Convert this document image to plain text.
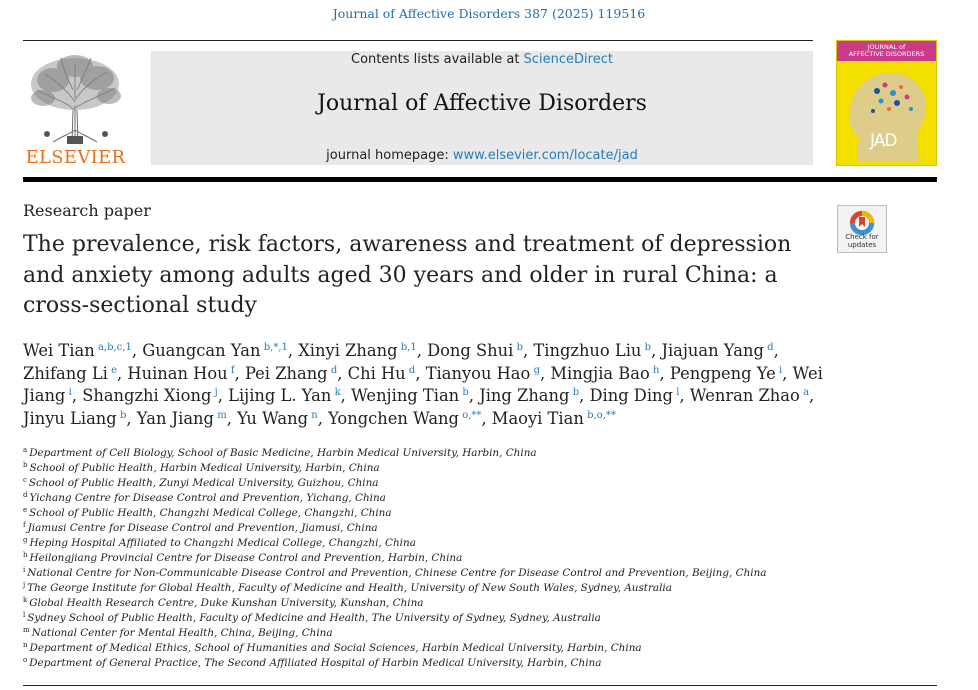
Journal of Affective Disorders 387 (2025) 119516
ELSEVIER
Contents lists available at ScienceDirect
Journal of Affective Disorders
journal homepage: www.elsevier.com/locate/jad
JOURNAL of
AFFECTIVE DISORDERS
JAD
Research paper
The prevalence, risk factors, awareness and treatment of depression and anxiety among adults aged 30 years and older in rural China: a cross-sectional study
Check for
updates
Wei Tian  $^{a,b,c,1}$, Guangcan Yan  $^{b,*,1}$, Xinyi Zhang  $^{b,1}$, Dong Shui  $^b$, Tingzhuo Liu  $^b$, Jiajuan Yang  $^d$, Zhifang Li  $^e$, Huinan Hou  $^f$, Pei Zhang  $^d$, Chi Hu  $^d$, Tianyou Hao  $^g$, Mingjia Bao  $^h$, Pengpeng Ye  $^i$, Wei Jiang  $^i$, Shangzhi Xiong  $^j$, Lijing L. Yan  $^k$, Wenjing Tian  $^b$, Jing Zhang  $^b$, Ding Ding  $^l$, Wenran Zhao  $^a$, Jinyu Liang  $^b$, Yan Jiang  $^m$, Yu Wang  $^n$, Yongchen Wang  $^{o,**}$, Maoyi Tian  $^{b,o,**}$
$^a$ Department of Cell Biology, School of Basic Medicine, Harbin Medical University, Harbin, China
$^b$ School of Public Health, Harbin Medical University, Harbin, China
$^c$ School of Public Health, Zunyi Medical University, Guizhou, China
$^d$ Yichang Centre for Disease Control and Prevention, Yichang, China
$^e$ School of Public Health, Changzhi Medical College, Changzhi, China
$^f$ Jiamusi Centre for Disease Control and Prevention, Jiamusi, China
$^g$ Heping Hospital Affiliated to Changzhi Medical College, Changzhi, China
$^h$ Heilongjiang Provincial Centre for Disease Control and Prevention, Harbin, China
$^i$ National Centre for Non-Communicable Disease Control and Prevention, Chinese Centre for Disease Control and Prevention, Beijing, China
$^j$ The George Institute for Global Health, Faculty of Medicine and Health, University of New South Wales, Sydney, Australia
$^k$ Global Health Research Centre, Duke Kunshan University, Kunshan, China
$^l$ Sydney School of Public Health, Faculty of Medicine and Health, The University of Sydney, Sydney, Australia
$^m$ National Center for Mental Health, China, Beijing, China
$^n$ Department of Medical Ethics, School of Humanities and Social Sciences, Harbin Medical University, Harbin, China
$^o$ Department of General Practice, The Second Affiliated Hospital of Harbin Medical University, Harbin, China
